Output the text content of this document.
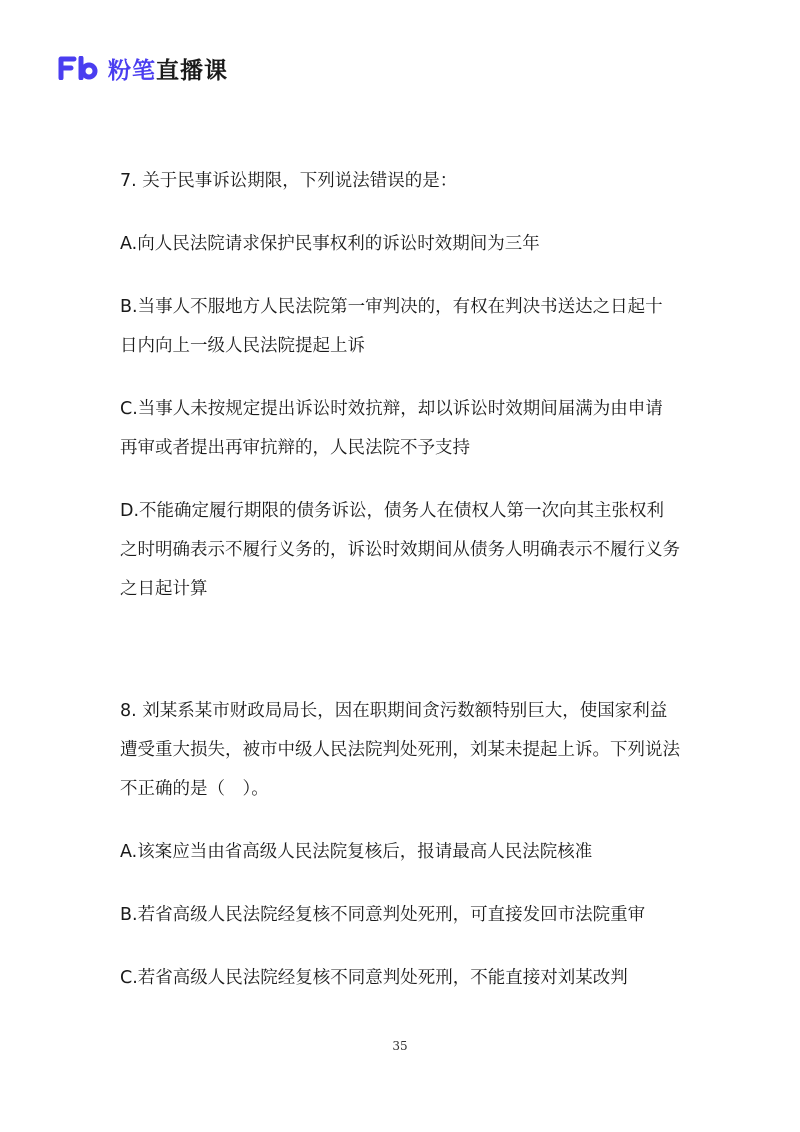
粉笔直播课

7. 关于民事诉讼期限，下列说法错误的是：

A.向人民法院请求保护民事权利的诉讼时效期间为三年

B.当事人不服地方人民法院第一审判决的，有权在判决书送达之日起十日内向上一级人民法院提起上诉

C.当事人未按规定提出诉讼时效抗辩，却以诉讼时效期间届满为由申请再审或者提出再审抗辩的，人民法院不予支持

D.不能确定履行期限的债务诉讼，债务人在债权人第一次向其主张权利之时明确表示不履行义务的，诉讼时效期间从债务人明确表示不履行义务之日起计算

8. 刘某系某市财政局局长，因在职期间贪污数额特别巨大，使国家利益遭受重大损失，被市中级人民法院判处死刑，刘某未提起上诉。下列说法不正确的是（　）。

A.该案应当由省高级人民法院复核后，报请最高人民法院核准

B.若省高级人民法院经复核不同意判处死刑，可直接发回市法院重审

C.若省高级人民法院经复核不同意判处死刑，不能直接对刘某改判

35
